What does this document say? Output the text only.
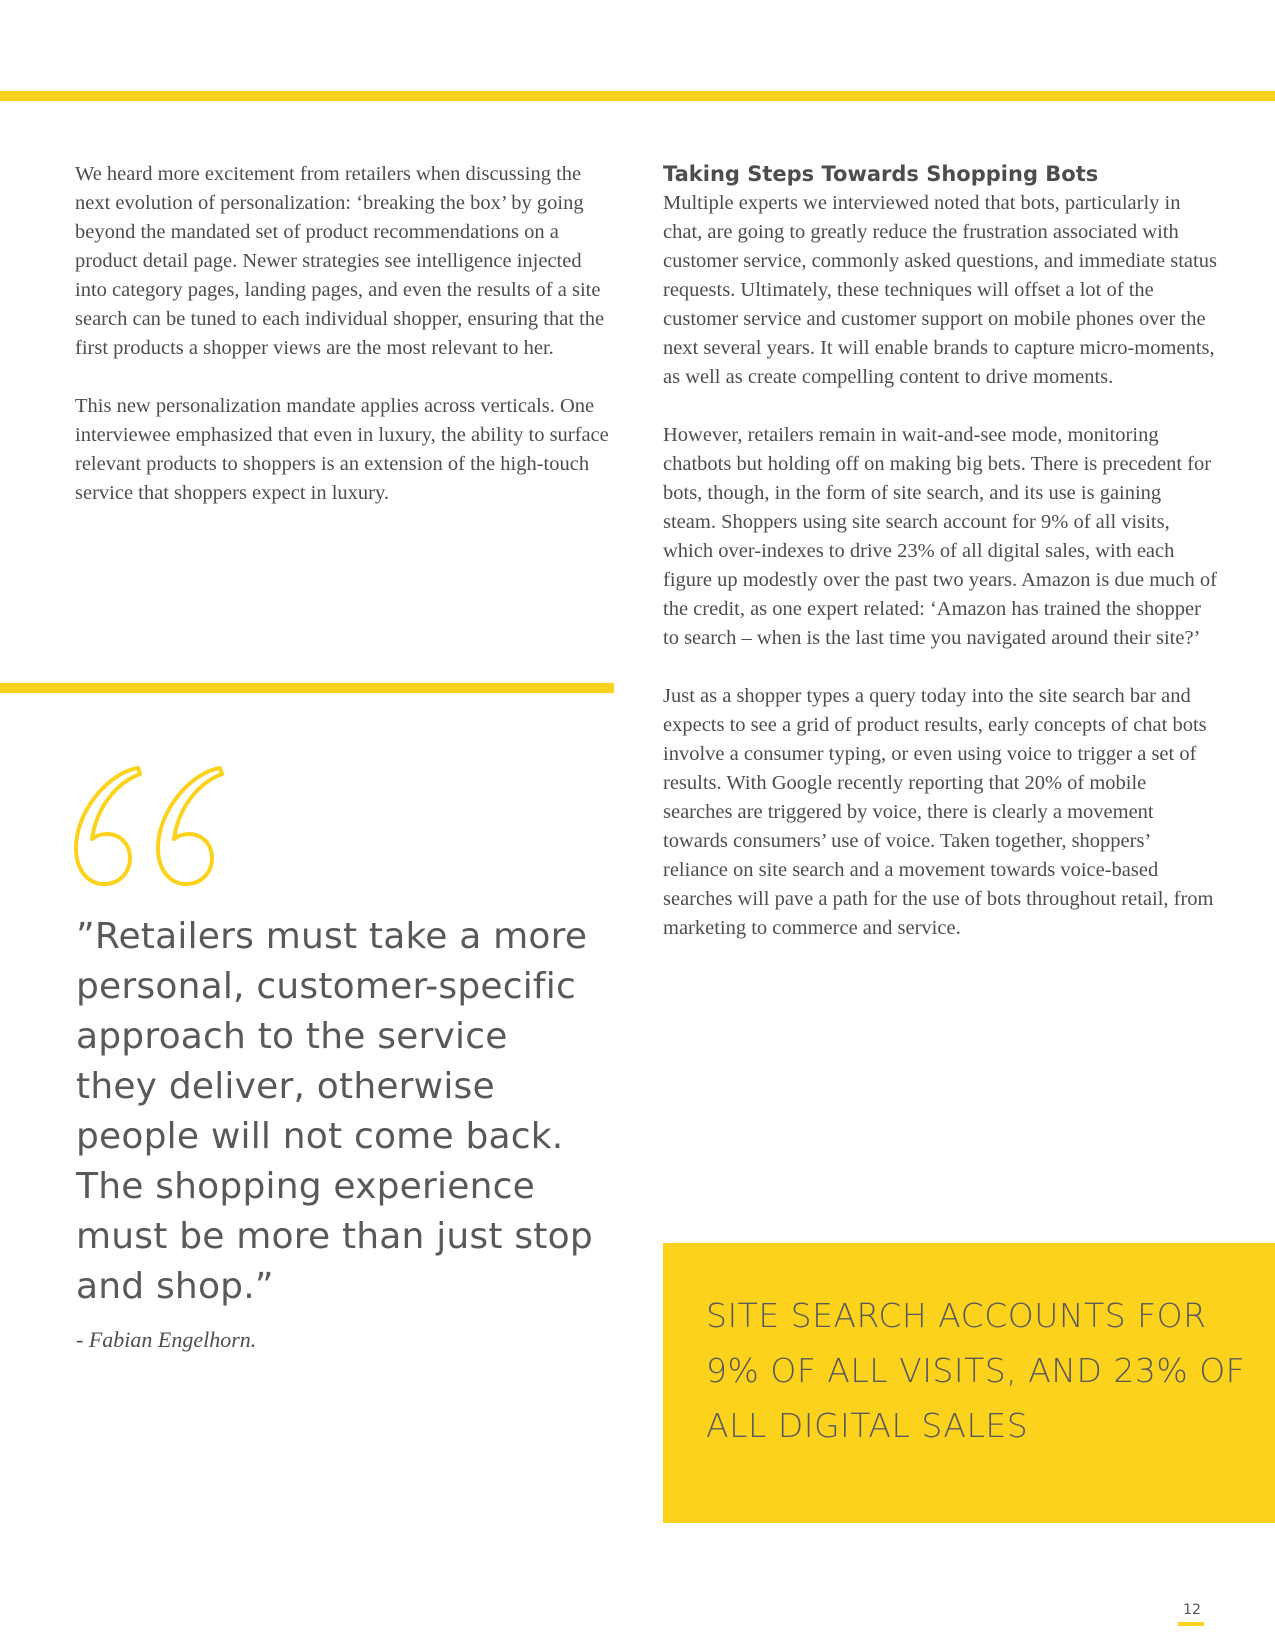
We heard more excitement from retailers when discussing the next evolution of personalization: ‘breaking the box’ by going beyond the mandated set of product recommendations on a product detail page. Newer strategies see intelligence injected into category pages, landing pages, and even the results of a site search can be tuned to each individual shopper, ensuring that the first products a shopper views are the most relevant to her.

This new personalization mandate applies across verticals. One interviewee emphasized that even in luxury, the ability to surface relevant products to shoppers is an extension of the high-touch service that shoppers expect in luxury.

”Retailers must take a more personal, customer-specific approach to the service they deliver, otherwise people will not come back.
The shopping experience must be more than just stop and shop.”
- Fabian Engelhorn.
Taking Steps Towards Shopping Bots

Multiple experts we interviewed noted that bots, particularly in chat, are going to greatly reduce the frustration associated with customer service, commonly asked questions, and immediate status requests. Ultimately, these techniques will offset a lot of the customer service and customer support on mobile phones over the next several years. It will enable brands to capture micro-moments, as well as create compelling content to drive moments.

However, retailers remain in wait-and-see mode, monitoring chatbots but holding off on making big bets. There is precedent for bots, though, in the form of site search, and its use is gaining steam. Shoppers using site search account for 9% of all visits, which over-indexes to drive 23% of all digital sales, with each figure up modestly over the past two years. Amazon is due much of the credit, as one expert related: ‘Amazon has trained the shopper to search – when is the last time you navigated around their site?’

Just as a shopper types a query today into the site search bar and expects to see a grid of product results, early concepts of chat bots involve a consumer typing, or even using voice to trigger a set of results. With Google recently reporting that 20% of mobile searches are triggered by voice, there is clearly a movement towards consumers’ use of voice. Taken together, shoppers’ reliance on site search and a movement towards voice-based searches will pave a path for the use of bots throughout retail, from marketing to commerce and service.

SITE SEARCH ACCOUNTS FOR 9% OF ALL VISITS, AND 23% OF ALL DIGITAL SALES
12
